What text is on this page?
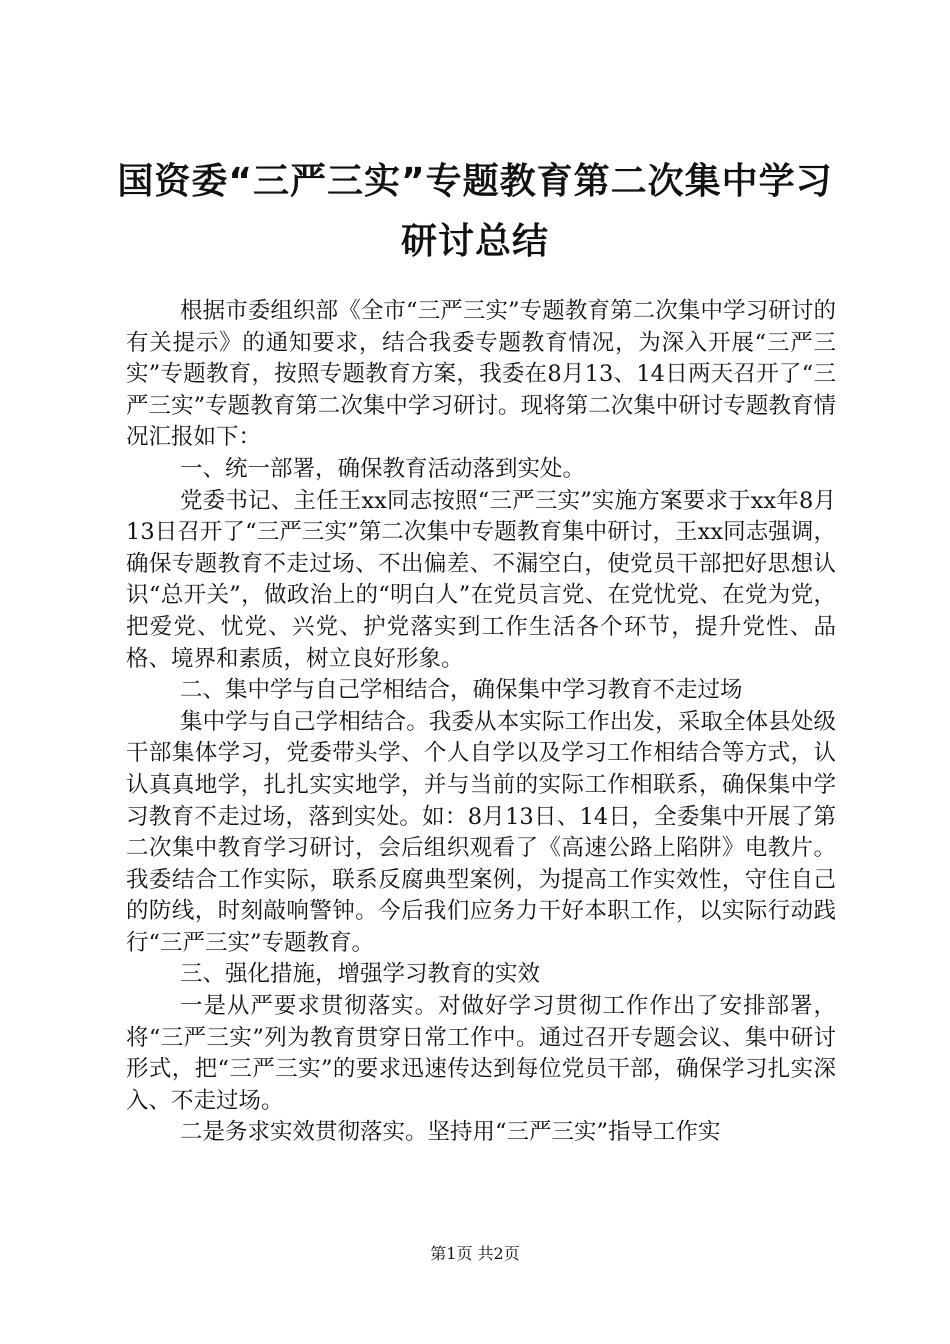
国资委“三严三实”专题教育第二次集中学习
研讨总结

根据市委组织部《全市“三严三实”专题教育第二次集中学习研讨的有关提示》的通知要求，结合我委专题教育情况，为深入开展“三严三实”专题教育，按照专题教育方案，我委在8月13、14日两天召开了“三严三实”专题教育第二次集中学习研讨。现将第二次集中研讨专题教育情况汇报如下：

一、统一部署，确保教育活动落到实处。

党委书记、主任王xx同志按照“三严三实”实施方案要求于xx年8月13日召开了“三严三实”第二次集中专题教育集中研讨，王xx同志强调，确保专题教育不走过场、不出偏差、不漏空白，使党员干部把好思想认识“总开关”，做政治上的“明白人”在党员言党、在党忧党、在党为党，把爱党、忧党、兴党、护党落实到工作生活各个环节，提升党性、品格、境界和素质，树立良好形象。

二、集中学与自己学相结合，确保集中学习教育不走过场

集中学与自己学相结合。我委从本实际工作出发，采取全体县处级干部集体学习，党委带头学、个人自学以及学习工作相结合等方式，认认真真地学，扎扎实实地学，并与当前的实际工作相联系，确保集中学习教育不走过场，落到实处。如：8月13日、14日，全委集中开展了第二次集中教育学习研讨，会后组织观看了《高速公路上陷阱》电教片。我委结合工作实际，联系反腐典型案例，为提高工作实效性，守住自己的防线，时刻敲响警钟。今后我们应务力干好本职工作，以实际行动践行“三严三实”专题教育。

三、强化措施，增强学习教育的实效

一是从严要求贯彻落实。对做好学习贯彻工作作出了安排部署，将“三严三实”列为教育贯穿日常工作中。通过召开专题会议、集中研讨形式，把“三严三实”的要求迅速传达到每位党员干部，确保学习扎实深入、不走过场。

二是务求实效贯彻落实。坚持用“三严三实”指导工作实

第1页 共2页
